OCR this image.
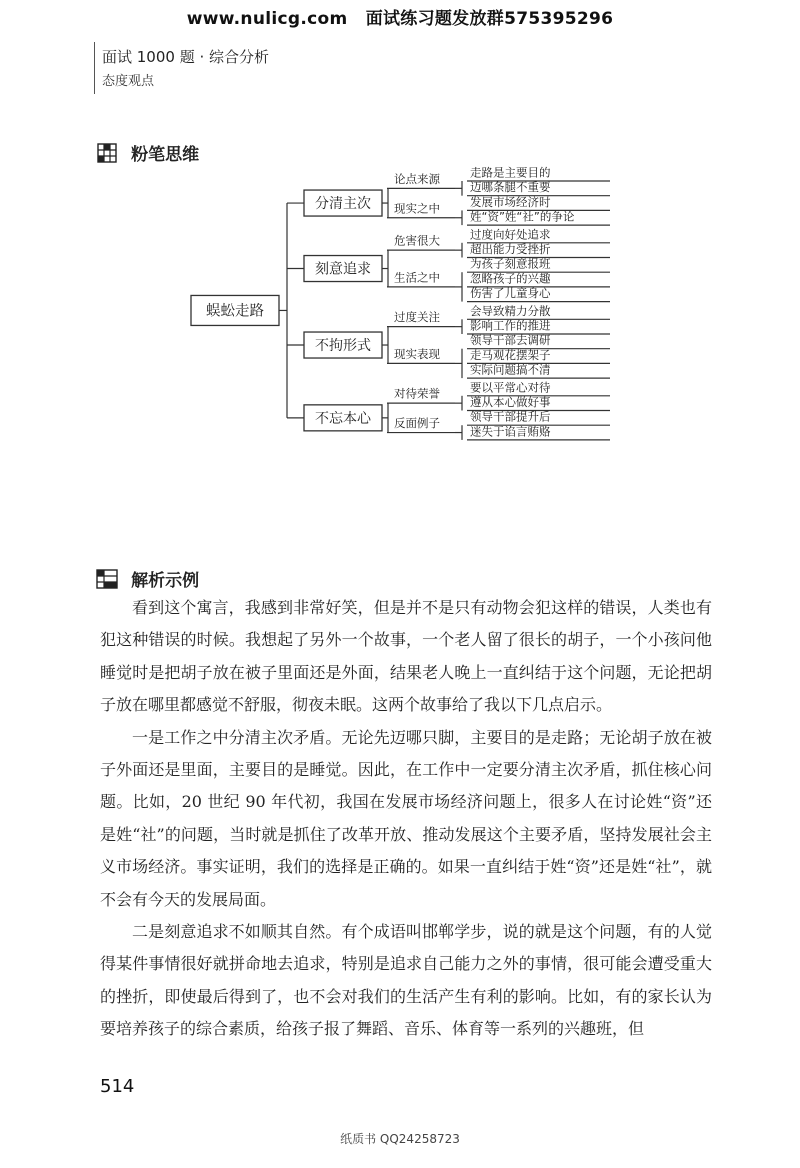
www.nulicg.com 面试练习题发放群575395296
面试 1000 题 · 综合分析
态度观点
粉笔思维
走路是主要目的
迈哪条腿不重要
论点来源
发展市场经济时
姓“资”姓“社”的争论
现实之中
分清主次
过度向好处追求
超出能力受挫折
危害很大
为孩子刻意报班
忽略孩子的兴趣
伤害了儿童身心
生活之中
刻意追求
会导致精力分散
影响工作的推进
过度关注
领导干部去调研
走马观花摆架子
实际问题搞不清
现实表现
不拘形式
要以平常心对待
遵从本心做好事
对待荣誉
领导干部提升后
迷失于谄言贿赂
反面例子
不忘本心
蜈蚣走路
解析示例

看到这个寓言，我感到非常好笑，但是并不是只有动物会犯这样的错误，人类也有犯这种错误的时候。我想起了另外一个故事，一个老人留了很长的胡子，一个小孩问他睡觉时是把胡子放在被子里面还是外面，结果老人晚上一直纠结于这个问题，无论把胡子放在哪里都感觉不舒服，彻夜未眠。这两个故事给了我以下几点启示。

一是工作之中分清主次矛盾。无论先迈哪只脚，主要目的是走路；无论胡子放在被子外面还是里面，主要目的是睡觉。因此，在工作中一定要分清主次矛盾，抓住核心问题。比如，20 世纪 90 年代初，我国在发展市场经济问题上，很多人在讨论姓“资”还是姓“社”的问题，当时就是抓住了改革开放、推动发展这个主要矛盾，坚持发展社会主义市场经济。事实证明，我们的选择是正确的。如果一直纠结于姓“资”还是姓“社”，就不会有今天的发展局面。

二是刻意追求不如顺其自然。有个成语叫邯郸学步，说的就是这个问题，有的人觉得某件事情很好就拼命地去追求，特别是追求自己能力之外的事情，很可能会遭受重大的挫折，即使最后得到了，也不会对我们的生活产生有利的影响。比如，有的家长认为要培养孩子的综合素质，给孩子报了舞蹈、音乐、体育等一系列的兴趣班，但

514
纸质书 QQ24258723
